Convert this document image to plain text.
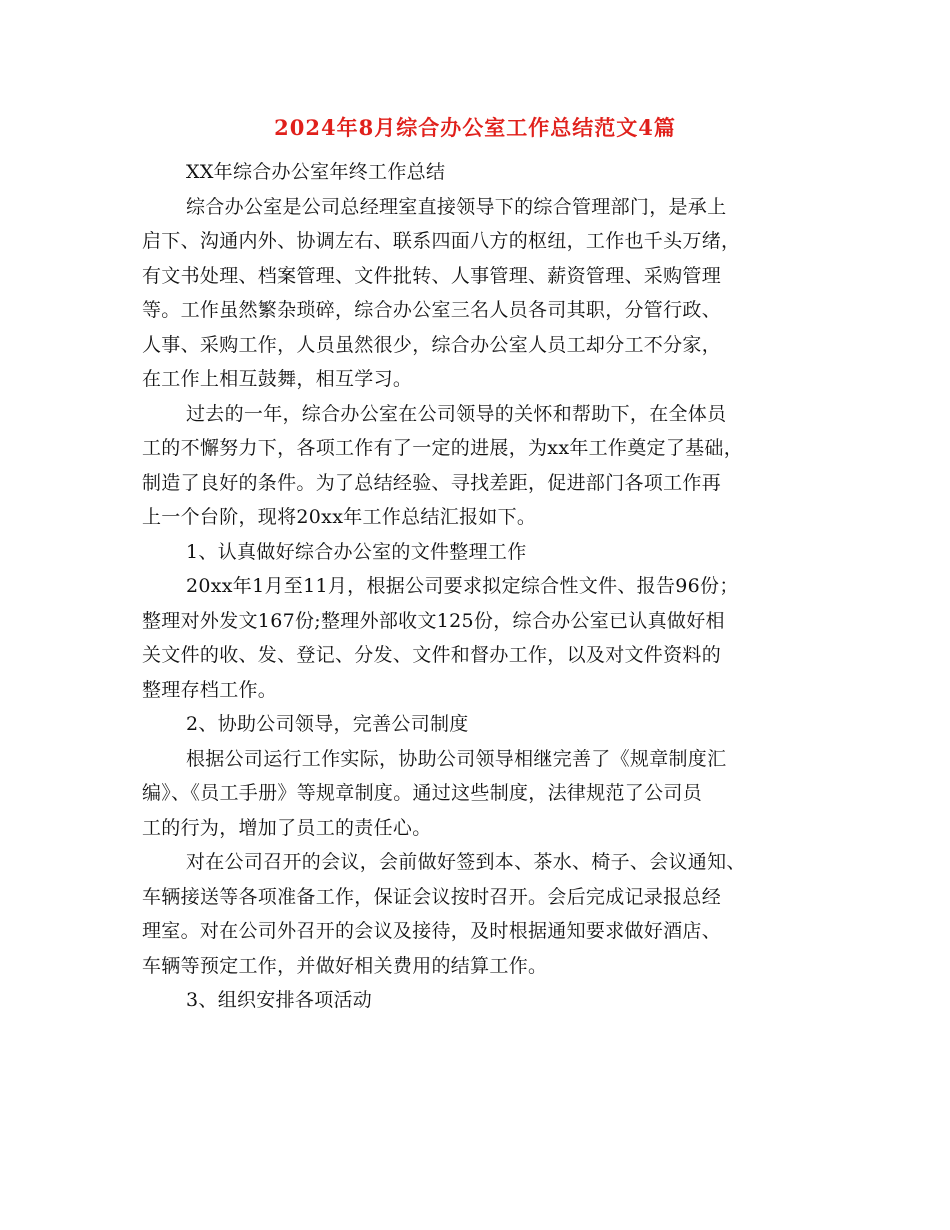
2024年8月综合办公室工作总结范文4篇
XX年综合办公室年终工作总结
综合办公室是公司总经理室直接领导下的综合管理部门，是承上
启下、沟通内外、协调左右、联系四面八方的枢纽，工作也千头万绪，
有文书处理、档案管理、文件批转、人事管理、薪资管理、采购管理
等。工作虽然繁杂琐碎，综合办公室三名人员各司其职，分管行政、
人事、采购工作，人员虽然很少，综合办公室人员工却分工不分家，
在工作上相互鼓舞，相互学习。
过去的一年，综合办公室在公司领导的关怀和帮助下，在全体员
工的不懈努力下，各项工作有了一定的进展，为xx年工作奠定了基础，
制造了良好的条件。为了总结经验、寻找差距，促进部门各项工作再
上一个台阶，现将20xx年工作总结汇报如下。
1、认真做好综合办公室的文件整理工作
20xx年1月至11月，根据公司要求拟定综合性文件、报告96份；
整理对外发文167份;整理外部收文125份，综合办公室已认真做好相
关文件的收、发、登记、分发、文件和督办工作，以及对文件资料的
整理存档工作。
2、协助公司领导，完善公司制度
根据公司运行工作实际，协助公司领导相继完善了《规章制度汇
编》、《员工手册》等规章制度。通过这些制度，法律规范了公司员
工的行为，增加了员工的责任心。
对在公司召开的会议，会前做好签到本、茶水、椅子、会议通知、
车辆接送等各项准备工作，保证会议按时召开。会后完成记录报总经
理室。对在公司外召开的会议及接待，及时根据通知要求做好酒店、
车辆等预定工作，并做好相关费用的结算工作。
3、组织安排各项活动
